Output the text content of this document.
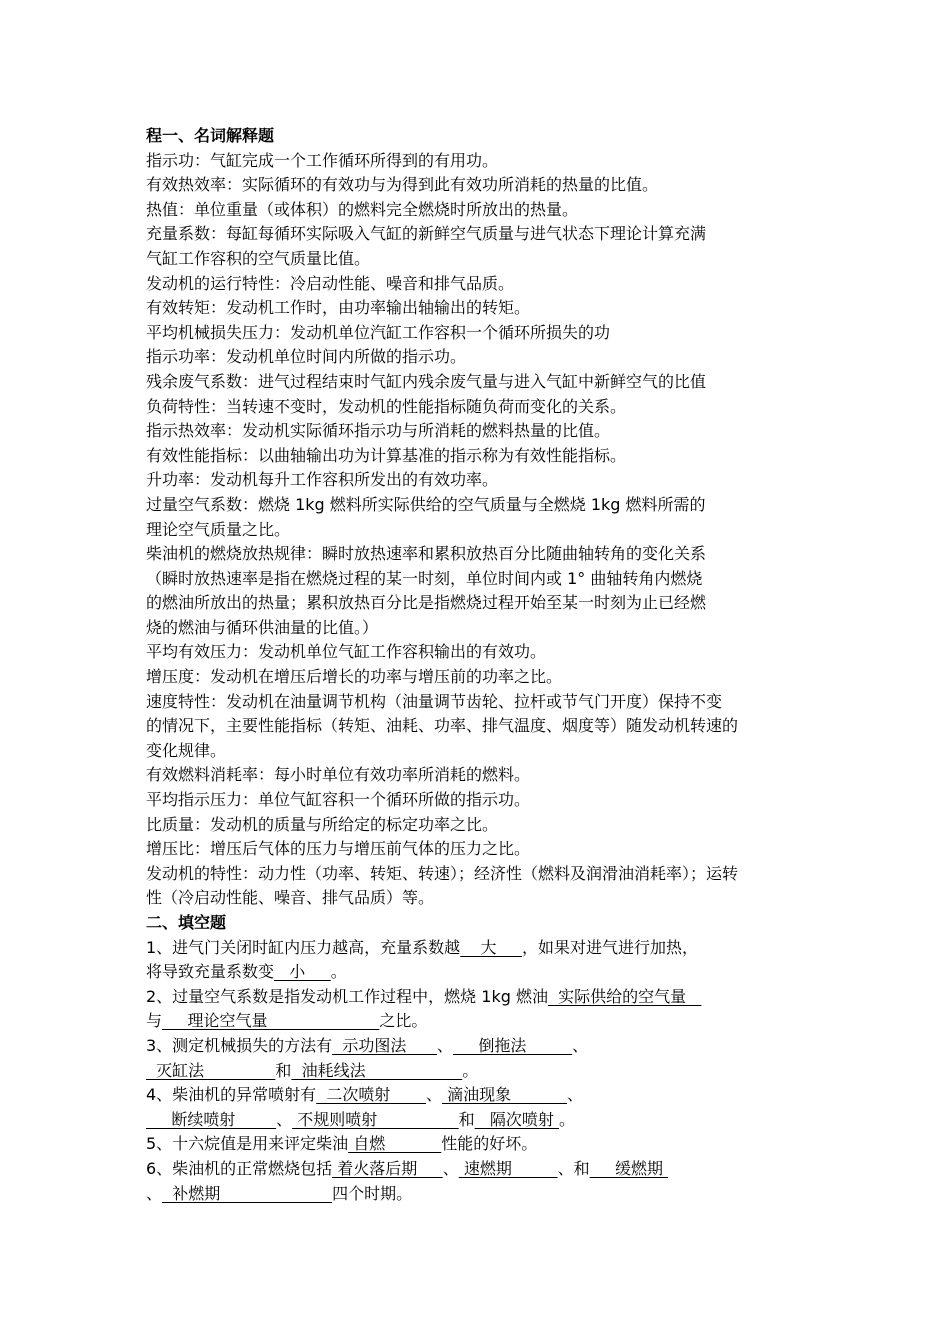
程一、名词解释题
指示功：气缸完成一个工作循环所得到的有用功。
有效热效率：实际循环的有效功与为得到此有效功所消耗的热量的比值。
热值：单位重量（或体积）的燃料完全燃烧时所放出的热量。
充量系数：每缸每循环实际吸入气缸的新鲜空气质量与进气状态下理论计算充满
气缸工作容积的空气质量比值。
发动机的运行特性：冷启动性能、噪音和排气品质。
有效转矩：发动机工作时，由功率输出轴输出的转矩。
平均机械损失压力：发动机单位汽缸工作容积一个循环所损失的功
指示功率：发动机单位时间内所做的指示功。
残余废气系数：进气过程结束时气缸内残余废气量与进入气缸中新鲜空气的比值
负荷特性：当转速不变时，发动机的性能指标随负荷而变化的关系。
指示热效率：发动机实际循环指示功与所消耗的燃料热量的比值。
有效性能指标：以曲轴输出功为计算基准的指示称为有效性能指标。
升功率：发动机每升工作容积所发出的有效功率。
过量空气系数：燃烧 1kg 燃料所实际供给的空气质量与全燃烧 1kg 燃料所需的
理论空气质量之比。
柴油机的燃烧放热规律：瞬时放热速率和累积放热百分比随曲轴转角的变化关系
（瞬时放热速率是指在燃烧过程的某一时刻，单位时间内或 1° 曲轴转角内燃烧
的燃油所放出的热量；累积放热百分比是指燃烧过程开始至某一时刻为止已经燃
烧的燃油与循环供油量的比值。）
平均有效压力：发动机单位气缸工作容积输出的有效功。
增压度：发动机在增压后增长的功率与增压前的功率之比。
速度特性：发动机在油量调节机构（油量调节齿轮、拉杆或节气门开度）保持不变
的情况下，主要性能指标（转矩、油耗、功率、排气温度、烟度等）随发动机转速的
变化规律。
有效燃料消耗率：每小时单位有效功率所消耗的燃料。
平均指示压力：单位气缸容积一个循环所做的指示功。
比质量：发动机的质量与所给定的标定功率之比。
增压比：增压后气体的压力与增压前气体的压力之比。
发动机的特性：动力性（功率、转矩、转速）；经济性（燃料及润滑油消耗率）；运转
性（冷启动性能、噪音、排气品质）等。
二、填空题
1、进气门关闭时缸内压力越高，充量系数越    大     ，如果对进气进行加热，
将导致充量系数变   小     。
2、过量空气系数是指发动机工作过程中，燃烧 1kg 燃油  实际供给的空气量
与     理论空气量                      之比。
3、测定机械损失的方法有  示功图法      、     倒拖法         、
灭缸法              和  油耗线法                   。
4、柴油机的异常喷射有  二次喷射       、 滴油现象           、
断续喷射        、 不规则喷射                和   隔次喷射 。
5、十六烷值是用来评定柴油 自燃           性能的好坏。
6、柴油机的正常燃烧包括 着火落后期     、 速燃期         、和     缓燃期
、  补燃期                      四个时期。
